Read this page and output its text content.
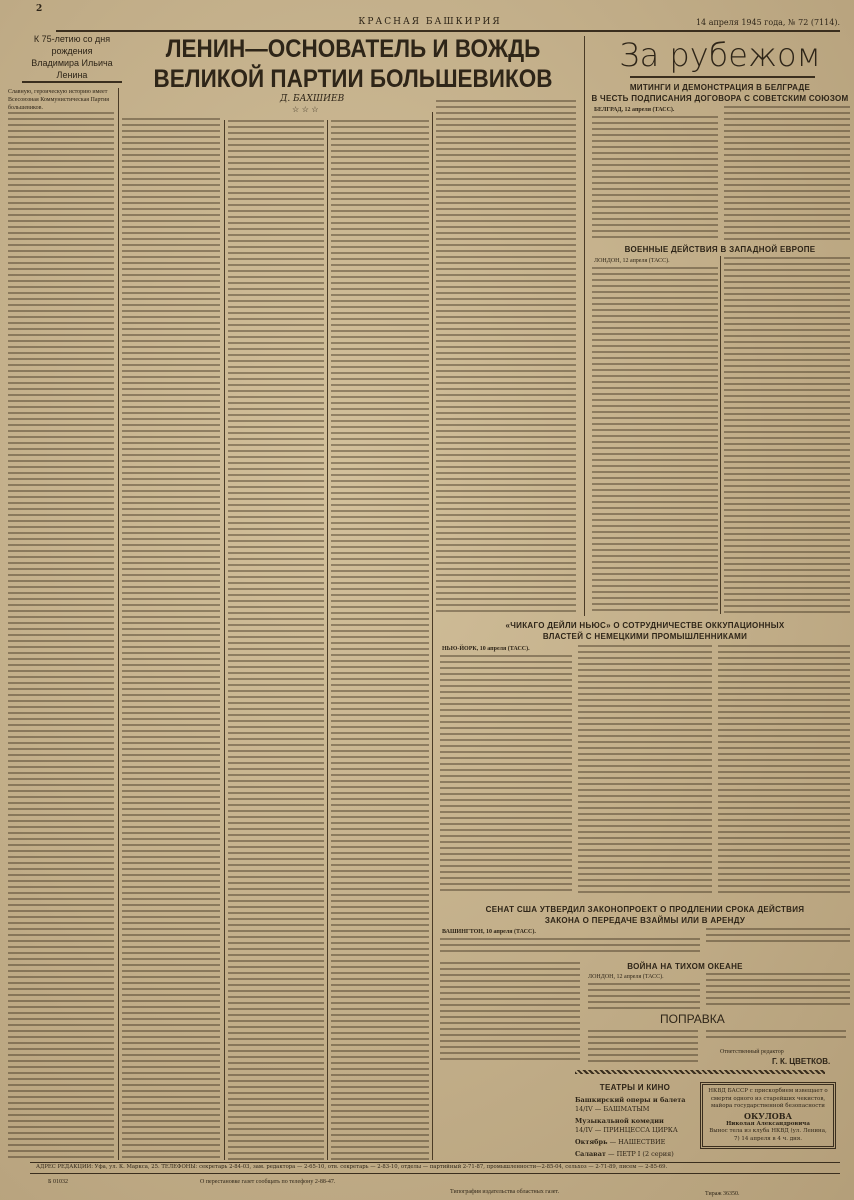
2
КРАСНАЯ БАШКИРИЯ	14 апреля 1945 года, № 72 (7114).
К 75-летию со дня
рождения
Владимира Ильича
Ленина
ЛЕНИН—ОСНОВАТЕЛЬ И ВОЖДЬ
ВЕЛИКОЙ ПАРТИИ БОЛЬШЕВИКОВ
Д. БАХШИЕВ
☆ ☆ ☆
Славную, героическую историю имеет Всесоюзная Коммунистическая Партия большевиков.
За рубежом
МИТИНГИ И ДЕМОНСТРАЦИЯ В БЕЛГРАДЕ
В ЧЕСТЬ ПОДПИСАНИЯ ДОГОВОРА С СОВЕТСКИМ СОЮЗОМ
БЕЛГРАД, 12 апреля (ТАСС).
ВОЕННЫЕ ДЕЙСТВИЯ В ЗАПАДНОЙ ЕВРОПЕ
ЛОНДОН, 12 апреля (ТАСС).
«ЧИКАГО ДЕЙЛИ НЬЮС» О СОТРУДНИЧЕСТВЕ ОККУПАЦИОННЫХ
ВЛАСТЕЙ С НЕМЕЦКИМИ ПРОМЫШЛЕННИКАМИ
НЬЮ-ЙОРК, 10 апреля (ТАСС).
СЕНАТ США УТВЕРДИЛ ЗАКОНОПРОЕКТ О ПРОДЛЕНИИ СРОКА ДЕЙСТВИЯ
ЗАКОНА О ПЕРЕДАЧЕ ВЗАЙМЫ ИЛИ В АРЕНДУ
ВАШИНГТОН, 10 апреля (ТАСС).
ВОЙНА НА ТИХОМ ОКЕАНЕ
ЛОНДОН, 12 апреля (ТАСС).
ПОПРАВКА
Ответственный редактор
Г. К. ЦВЕТКОВ.
ТЕАТРЫ И КИНО
Башкирский оперы и балета
14/IV — БАШМАТЫМ
Музыкальной комедии
14/IV — ПРИНЦЕССА ЦИРКА
Октябрь — НАШЕСТВИЕ
Салават — ПЕТР I (2 серия)
НКВД БАССР с прискорбием извещает о смерти одного из старейших чекистов, майора государственной безопасности
ОКУЛОВА
Николая Александровича
Вынос тела из клуба НКВД (ул. Ленина, 7) 14 апреля в 4 ч. дня.
АДРЕС РЕДАКЦИИ: Уфа, ул. К. Маркса, 25. ТЕЛЕФОНЫ: секретарь 2-84-03, зам. редактора — 2-65-10, отв. секретарь — 2-83-10, отделы — партийный 2-71-87, промышленности—2-85-04, сельхоз — 2-71-89, писем — 2-85-69.
Б 01032	О перестановке газет сообщать по телефону 2-88-47.
Типография издательства областных газет.	Тираж 36350.
